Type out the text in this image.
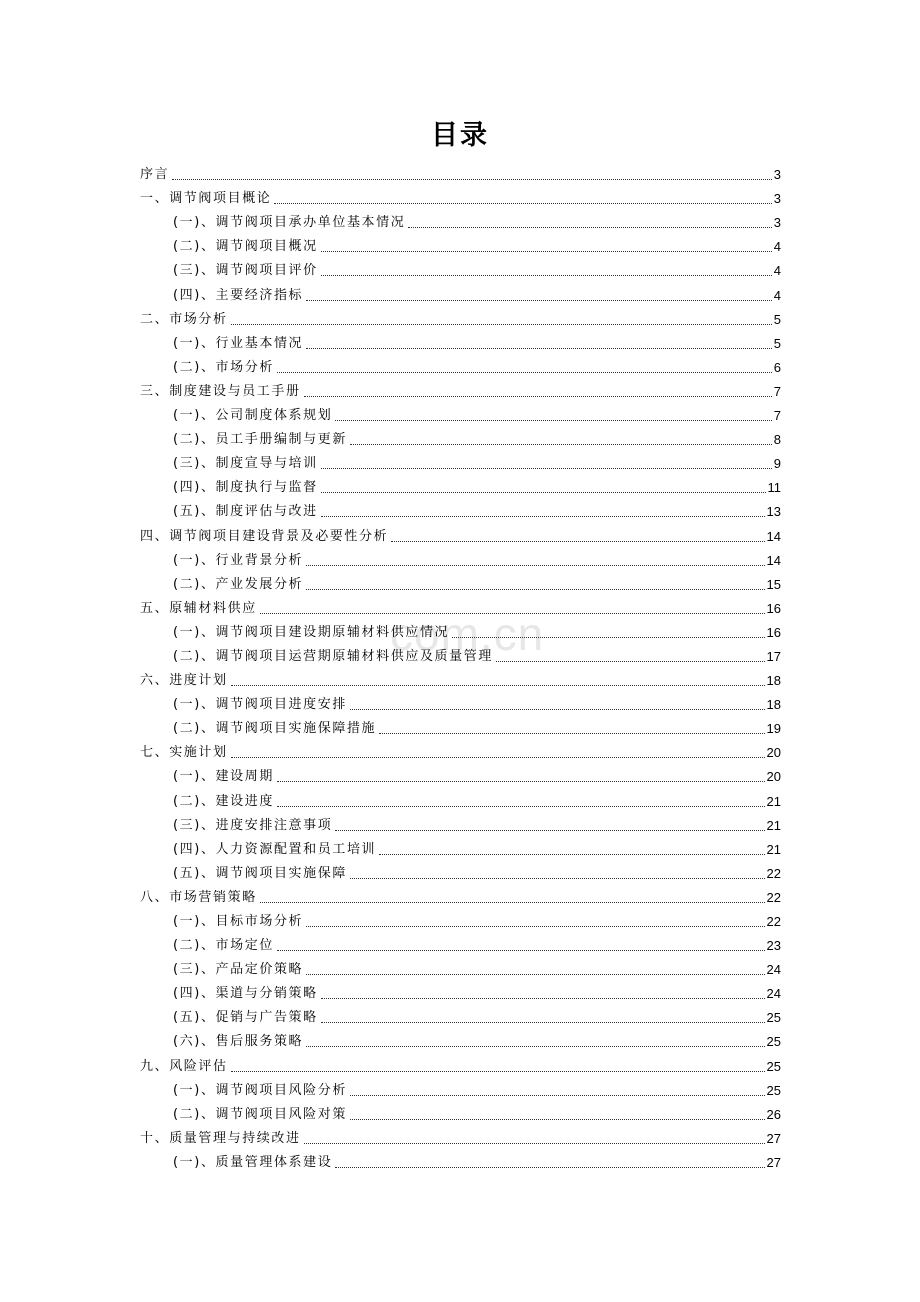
目录
com.cn
序言	3
一、调节阀项目概论	3
(一)、调节阀项目承办单位基本情况	3
(二)、调节阀项目概况	4
(三)、调节阀项目评价	4
(四)、主要经济指标	4
二、市场分析	5
(一)、行业基本情况	5
(二)、市场分析	6
三、制度建设与员工手册	7
(一)、公司制度体系规划	7
(二)、员工手册编制与更新	8
(三)、制度宣导与培训	9
(四)、制度执行与监督	11
(五)、制度评估与改进	13
四、调节阀项目建设背景及必要性分析	14
(一)、行业背景分析	14
(二)、产业发展分析	15
五、原辅材料供应	16
(一)、调节阀项目建设期原辅材料供应情况	16
(二)、调节阀项目运营期原辅材料供应及质量管理	17
六、进度计划	18
(一)、调节阀项目进度安排	18
(二)、调节阀项目实施保障措施	19
七、实施计划	20
(一)、建设周期	20
(二)、建设进度	21
(三)、进度安排注意事项	21
(四)、人力资源配置和员工培训	21
(五)、调节阀项目实施保障	22
八、市场营销策略	22
(一)、目标市场分析	22
(二)、市场定位	23
(三)、产品定价策略	24
(四)、渠道与分销策略	24
(五)、促销与广告策略	25
(六)、售后服务策略	25
九、风险评估	25
(一)、调节阀项目风险分析	25
(二)、调节阀项目风险对策	26
十、质量管理与持续改进	27
(一)、质量管理体系建设	27
